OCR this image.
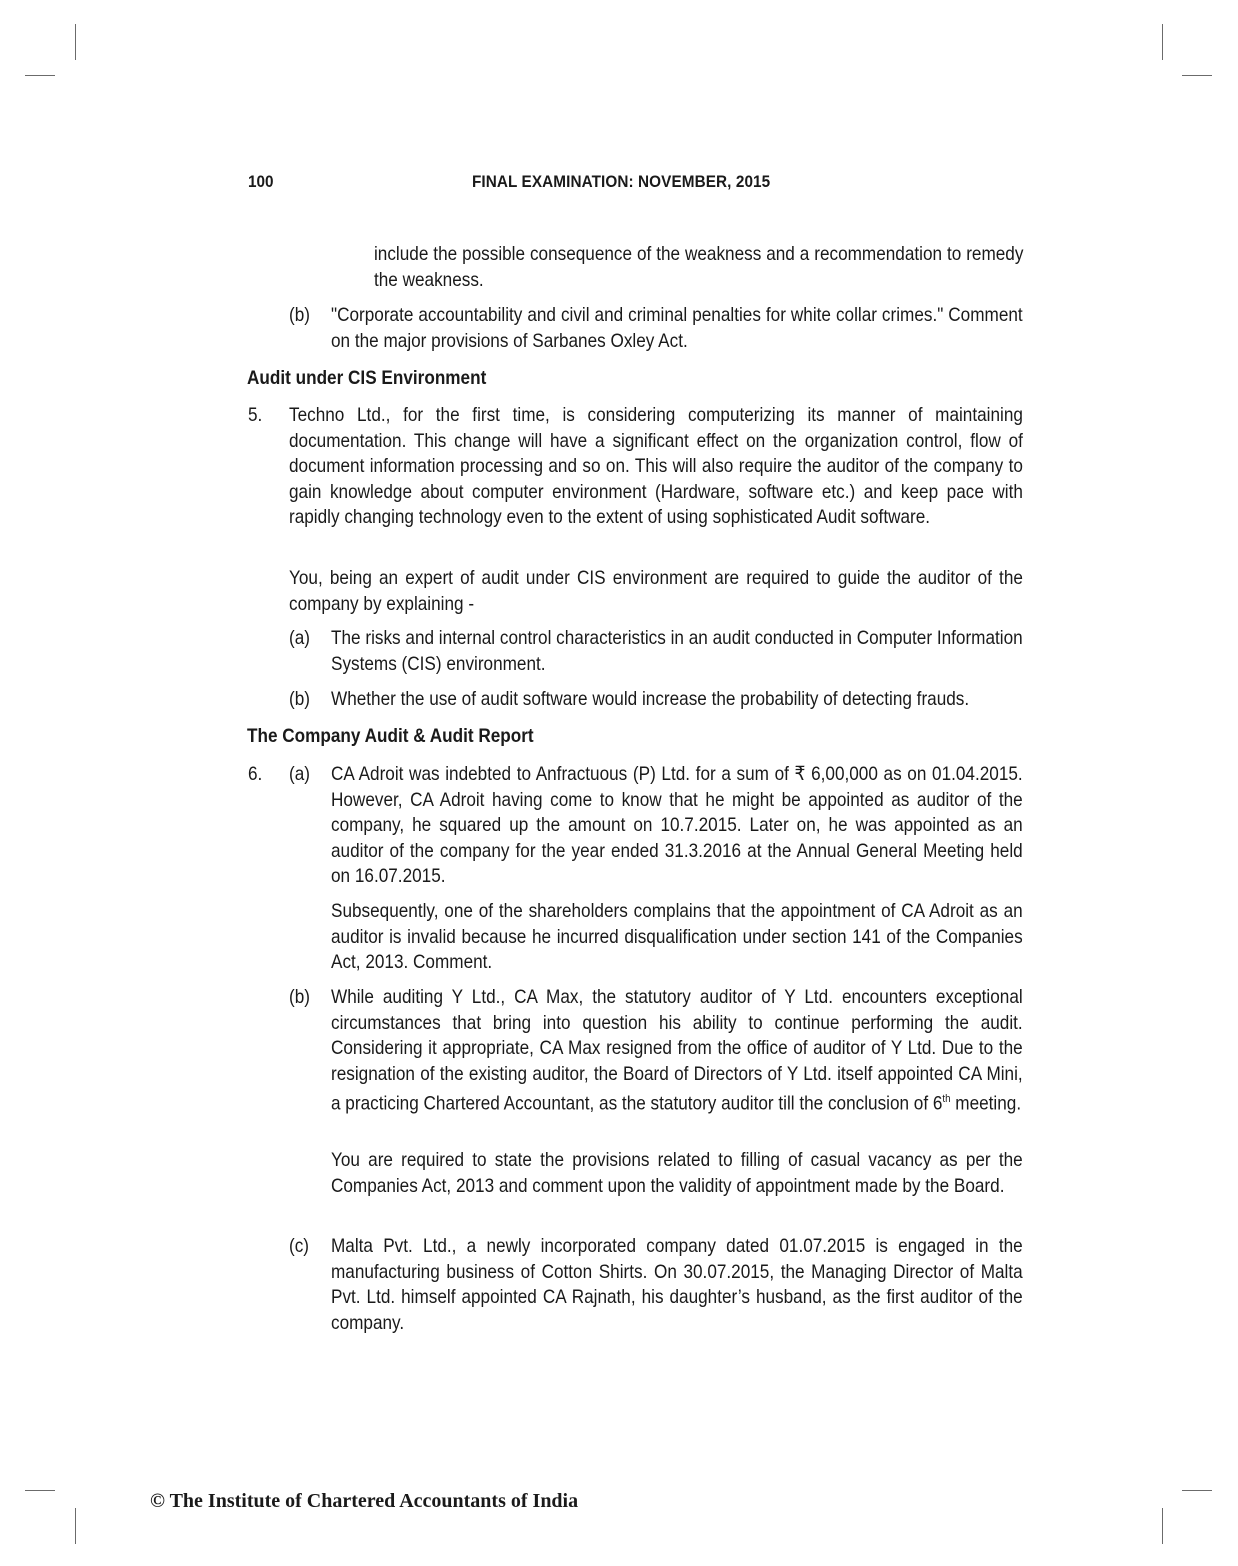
100	FINAL EXAMINATION: NOVEMBER, 2015
include the possible consequence of the weakness and a recommendation to remedy the weakness.
(b) "Corporate accountability and civil and criminal penalties for white collar crimes." Comment on the major provisions of Sarbanes Oxley Act.
Audit under CIS Environment
5. Techno Ltd., for the first time, is considering computerizing its manner of maintaining documentation. This change will have a significant effect on the organization control, flow of document information processing and so on. This will also require the auditor of the company to gain knowledge about computer environment (Hardware, software etc.) and keep pace with rapidly changing technology even to the extent of using sophisticated Audit software.
You, being an expert of audit under CIS environment are required to guide the auditor of the company by explaining -
(a) The risks and internal control characteristics in an audit conducted in Computer Information Systems (CIS) environment.
(b) Whether the use of audit software would increase the probability of detecting frauds.
The Company Audit & Audit Report
6. (a) CA Adroit was indebted to Anfractuous (P) Ltd. for a sum of ₹ 6,00,000 as on 01.04.2015. However, CA Adroit having come to know that he might be appointed as auditor of the company, he squared up the amount on 10.7.2015. Later on, he was appointed as an auditor of the company for the year ended 31.3.2016 at the Annual General Meeting held on 16.07.2015.
Subsequently, one of the shareholders complains that the appointment of CA Adroit as an auditor is invalid because he incurred disqualification under section 141 of the Companies Act, 2013. Comment.
(b) While auditing Y Ltd., CA Max, the statutory auditor of Y Ltd. encounters exceptional circumstances that bring into question his ability to continue performing the audit. Considering it appropriate, CA Max resigned from the office of auditor of Y Ltd. Due to the resignation of the existing auditor, the Board of Directors of Y Ltd. itself appointed CA Mini, a practicing Chartered Accountant, as the statutory auditor till the conclusion of 6th meeting.
You are required to state the provisions related to filling of casual vacancy as per the Companies Act, 2013 and comment upon the validity of appointment made by the Board.
(c) Malta Pvt. Ltd., a newly incorporated company dated 01.07.2015 is engaged in the manufacturing business of Cotton Shirts. On 30.07.2015, the Managing Director of Malta Pvt. Ltd. himself appointed CA Rajnath, his daughter’s husband, as the first auditor of the company.
© The Institute of Chartered Accountants of India
